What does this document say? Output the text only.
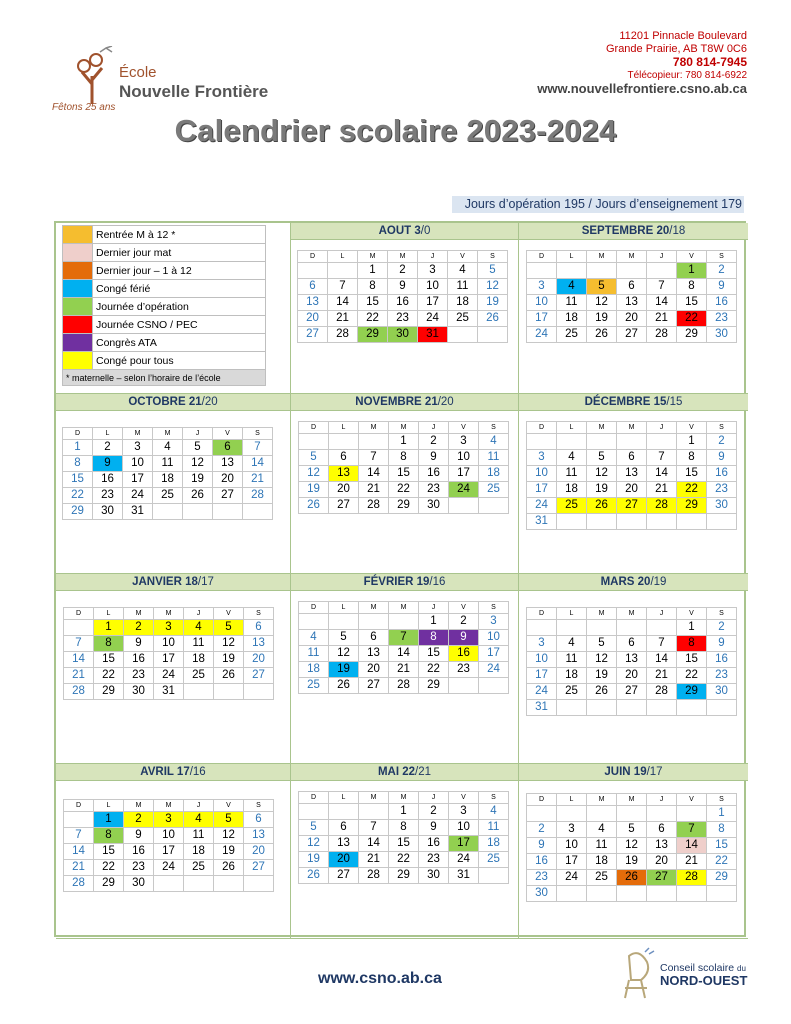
École
Nouvelle Frontière
Fêtons 25 ans
11201 Pinnacle Boulevard
Grande Prairie, AB T8W 0C6
780 814-7945
Télécopieur: 780 814-6922
www.nouvellefrontiere.csno.ab.ca
Calendrier scolaire 2023-2024
Jours d’opération 195 / Jours d’enseignement 179
	Rentrée M à 12 *
	Dernier jour mat
	Dernier jour – 1 à 12
	Congé férié
	Journée d’opération
	Journée CSNO / PEC
	Congrès ATA
	Congé pour tous
* maternelle – selon l’horaire de l’école	
AOUT 3/0
D	L	M	M	J	V	S
		1	2	3	4	5
6	7	8	9	10	11	12
13	14	15	16	17	18	19
20	21	22	23	24	25	26
27	28	29	30	31		
SEPTEMBRE 20/18
D	L	M	M	J	V	S
					1	2
3	4	5	6	7	8	9
10	11	12	13	14	15	16
17	18	19	20	21	22	23
24	25	26	27	28	29	30
OCTOBRE 21/20
D	L	M	M	J	V	S
1	2	3	4	5	6	7
8	9	10	11	12	13	14
15	16	17	18	19	20	21
22	23	24	25	26	27	28
29	30	31				
NOVEMBRE 21/20
D	L	M	M	J	V	S
			1	2	3	4
5	6	7	8	9	10	11
12	13	14	15	16	17	18
19	20	21	22	23	24	25
26	27	28	29	30		
DÉCEMBRE 15/15
D	L	M	M	J	V	S
					1	2
3	4	5	6	7	8	9
10	11	12	13	14	15	16
17	18	19	20	21	22	23
24	25	26	27	28	29	30
31						
JANVIER 18/17
D	L	M	M	J	V	S
	1	2	3	4	5	6
7	8	9	10	11	12	13
14	15	16	17	18	19	20
21	22	23	24	25	26	27
28	29	30	31			
FÉVRIER 19/16
D	L	M	M	J	V	S
				1	2	3
4	5	6	7	8	9	10
11	12	13	14	15	16	17
18	19	20	21	22	23	24
25	26	27	28	29		
MARS 20/19
D	L	M	M	J	V	S
					1	2
3	4	5	6	7	8	9
10	11	12	13	14	15	16
17	18	19	20	21	22	23
24	25	26	27	28	29	30
31						
AVRIL 17/16
D	L	M	M	J	V	S
	1	2	3	4	5	6
7	8	9	10	11	12	13
14	15	16	17	18	19	20
21	22	23	24	25	26	27
28	29	30				
MAI 22/21
D	L	M	M	J	V	S
			1	2	3	4
5	6	7	8	9	10	11
12	13	14	15	16	17	18
19	20	21	22	23	24	25
26	27	28	29	30	31	
JUIN 19/17
D	L	M	M	J	V	S
						1
2	3	4	5	6	7	8
9	10	11	12	13	14	15
16	17	18	19	20	21	22
23	24	25	26	27	28	29
30						
www.csno.ab.ca
Conseil scolaire du
NORD-OUEST
